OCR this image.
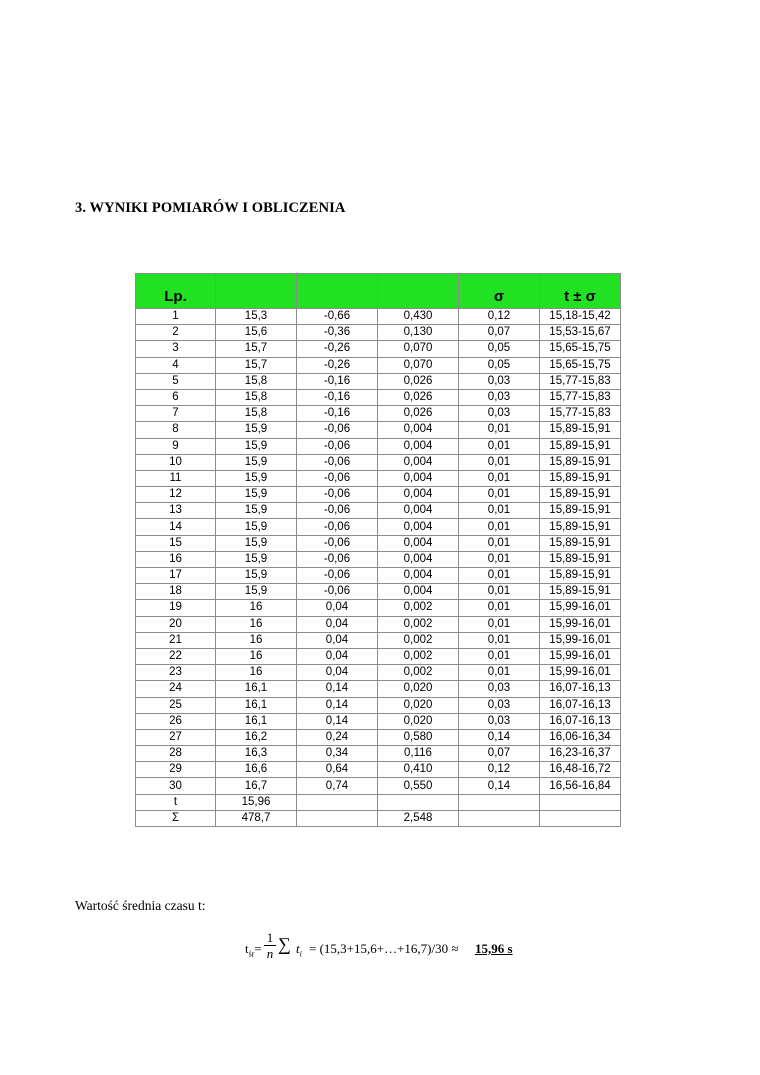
3. WYNIKI POMIARÓW I OBLICZENIA
Lp.				σ	t ± σ
1	15,3	-0,66	0,430	0,12	15,18-15,42
2	15,6	-0,36	0,130	0,07	15,53-15,67
3	15,7	-0,26	0,070	0,05	15,65-15,75
4	15,7	-0,26	0,070	0,05	15,65-15,75
5	15,8	-0,16	0,026	0,03	15,77-15,83
6	15,8	-0,16	0,026	0,03	15,77-15,83
7	15,8	-0,16	0,026	0,03	15,77-15,83
8	15,9	-0,06	0,004	0,01	15,89-15,91
9	15,9	-0,06	0,004	0,01	15,89-15,91
10	15,9	-0,06	0,004	0,01	15,89-15,91
11	15,9	-0,06	0,004	0,01	15,89-15,91
12	15,9	-0,06	0,004	0,01	15,89-15,91
13	15,9	-0,06	0,004	0,01	15,89-15,91
14	15,9	-0,06	0,004	0,01	15,89-15,91
15	15,9	-0,06	0,004	0,01	15,89-15,91
16	15,9	-0,06	0,004	0,01	15,89-15,91
17	15,9	-0,06	0,004	0,01	15,89-15,91
18	15,9	-0,06	0,004	0,01	15,89-15,91
19	16	0,04	0,002	0,01	15,99-16,01
20	16	0,04	0,002	0,01	15,99-16,01
21	16	0,04	0,002	0,01	15,99-16,01
22	16	0,04	0,002	0,01	15,99-16,01
23	16	0,04	0,002	0,01	15,99-16,01
24	16,1	0,14	0,020	0,03	16,07-16,13
25	16,1	0,14	0,020	0,03	16,07-16,13
26	16,1	0,14	0,020	0,03	16,07-16,13
27	16,2	0,24	0,580	0,14	16,06-16,34
28	16,3	0,34	0,116	0,07	16,23-16,37
29	16,6	0,64	0,410	0,12	16,48-16,72
30	16,7	0,74	0,550	0,14	16,56-16,84
t	15,96				
Σ	478,7		2,548		
Wartość średnia czasu t:
$t_{śr}= \frac{1}{n}$ ∑ $t_i$ = (15,3+15,6+…+16,7)/30 ≈ 15,96 s
